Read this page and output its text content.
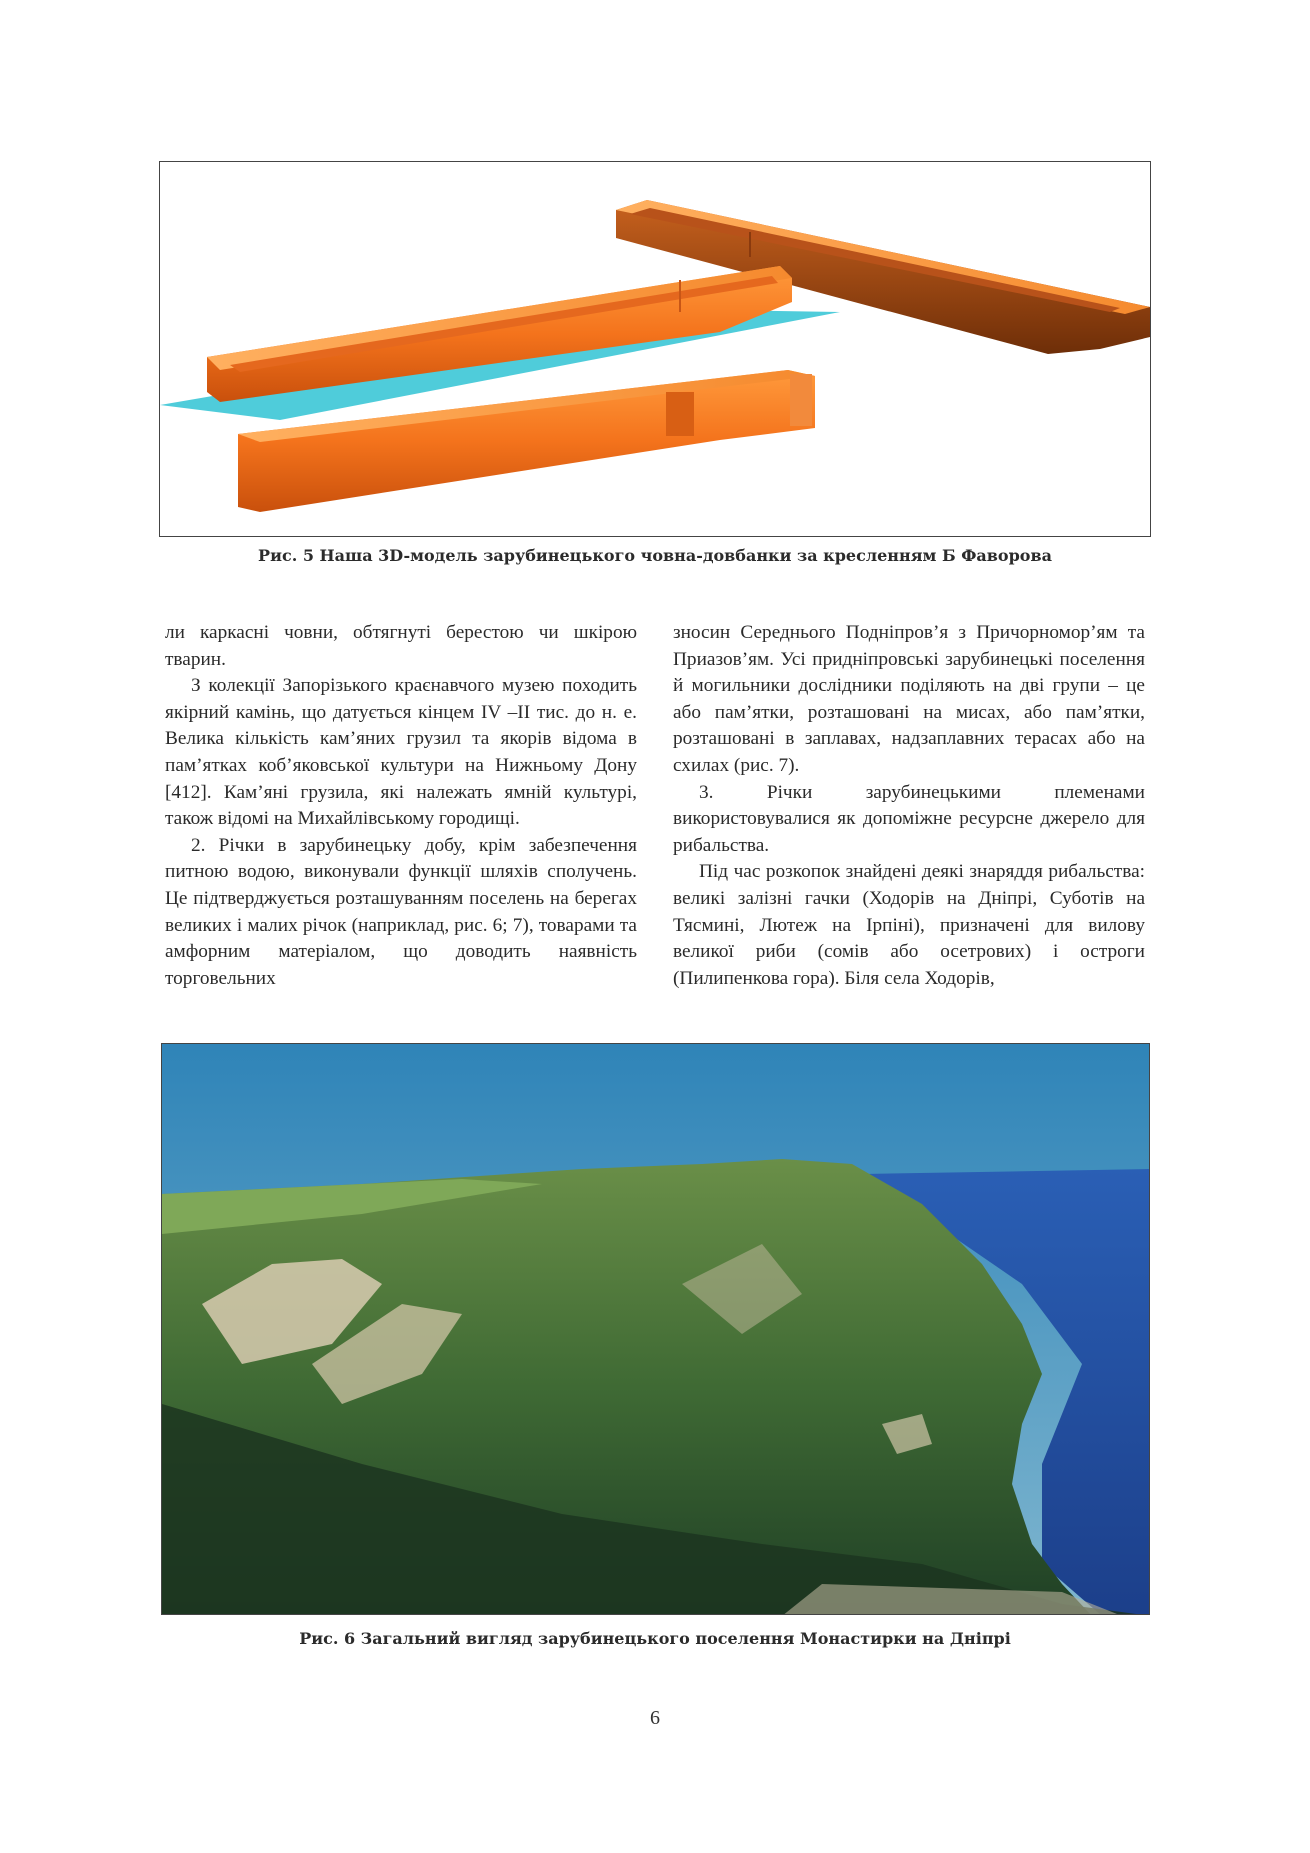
Рис. 5 Наша 3D-модель зарубинецького човна-довбанки за кресленням Б Фаворова

ли каркасні човни, обтягнуті берестою чи шкірою тварин.

З колекції Запорізького краєнавчого музею походить якірний камінь, що датується кінцем IV –II тис. до н. е. Велика кількість кам’яних грузил та якорів відома в пам’ятках коб’яковської культури на Нижньому Дону [412]. Кам’яні грузила, які належать ямній культурі, також відомі на Михайлівському городищі.

2. Річки в зарубинецьку добу, крім забезпечення питною водою, виконували функції шляхів сполучень. Це підтверджується розташуванням поселень на берегах великих і малих річок (наприклад, рис. 6; 7), товарами та амфорним матеріалом, що доводить наявність торговельних

зносин Середнього Подніпров’я з Причорномор’ям та Приазов’ям. Усі придніпровські зарубинецькі поселення й могильники дослідники поділяють на дві групи – це або пам’ятки, розташовані на мисах, або пам’ятки, розташовані в заплавах, надзаплавних терасах або на схилах (рис. 7).

3. Річки зарубинецькими племенами використовувалися як допоміжне ресурсне джерело для рибальства.

Під час розкопок знайдені деякі знаряддя рибальства: великі залізні гачки (Ходорів на Дніпрі, Суботів на Тясмині, Лютеж на Ірпіні), призначені для вилову великої риби (сомів або осетрових) і остроги (Пилипенкова гора). Біля села Ходорів,

Рис. 6 Загальний вигляд зарубинецького поселення Монастирки на Дніпрі
6
